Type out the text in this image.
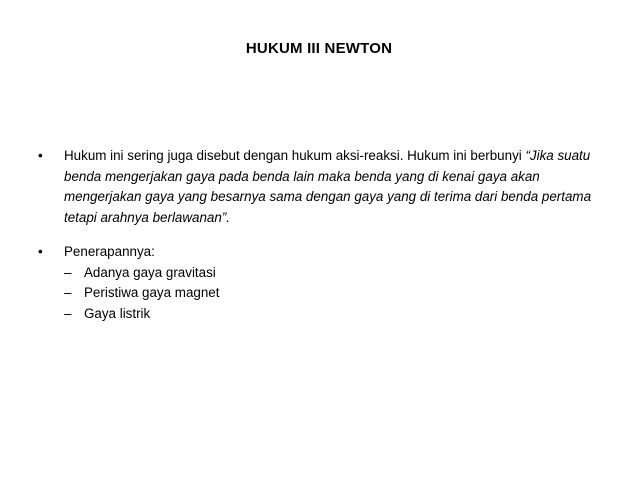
HUKUM III NEWTON
• Hukum ini sering juga disebut dengan hukum aksi-reaksi. Hukum ini berbunyi “Jika suatu benda mengerjakan gaya pada benda lain maka benda yang di kenai gaya akan mengerjakan gaya yang besarnya sama dengan gaya yang di terima dari benda pertama tetapi arahnya berlawanan”.
• Penerapannya:
– Adanya gaya gravitasi
– Peristiwa gaya magnet
– Gaya listrik
